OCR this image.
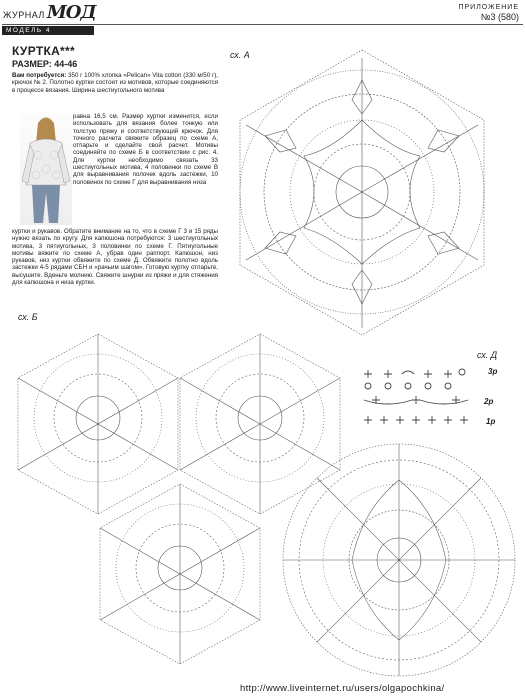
ЖУРНАЛ МОД	ПРИЛОЖЕНИЕ
№3 (580)
МОДЕЛЬ 4
КУРТКА***
РАЗМЕР: 44-46
Вам потребуется: 350 г 100% хлопка «Pelican» Vita cotton (330 м/50 г), крючок № 2. Полотно куртки состоит из мотивов, которые соединяются в процессе вязания. Ширина шестиугольного мотива
равна 16,5 см. Размер куртки изменится, если использовать для вязания более тонкую или толстую пряжу и соответствующий крючок. Для точного расчета свяжите образец по схеме А, отпарьте и сделайте свой расчет. Мотивы соединяйте по схеме Б в соответствии с рис. 4. Для куртки необходимо связать 33 шестиугольных мотива, 4 половинки по схеме В для выравнивания полочек вдоль застежки, 10 половинок по схеме Г для выравнивания низа
куртки и рукавов. Обратите внимание на то, что в схеме Г 3 и 15 ряды нужно вязать по кругу. Для капюшона потребуются: 3 шестиугольных мотива, 3 пятиугольных, 3 половинки по схеме Г. Пятиугольные мотивы вяжите по схеме А, убрав один раппорт. Капюшон, низ рукавов, низ куртки обвяжите по схеме Д. Обвяжите полотно вдоль застежки 4-5 рядами СБН и «рачьим шагом». Готовую куртку отпарьте, высушите. Вденьте молнию. Свяжите шнурки из пряжи и для стяжения для капюшона и низа куртки.
сх. А
сх. Б
сх. Д
3р
2р
1р
http://www.liveinternet.ru/users/olgapochkina/
